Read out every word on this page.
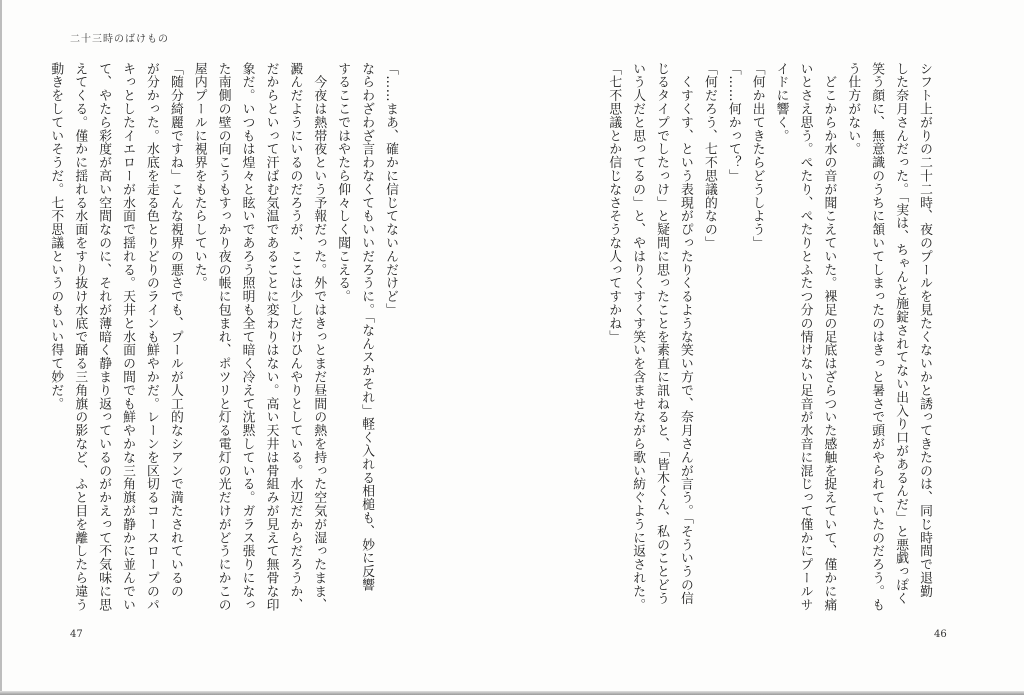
二十三時のばけもの
シフト上がりの二十二時、夜のプールを見たくないかと誘ってきたのは、同じ時間で退勤
した奈月さんだった。「実は、ちゃんと施錠されてない出入り口があるんだ」と悪戯っぽく
笑う顔に、無意識のうちに頷いてしまったのはきっと暑さで頭がやられていたのだろう。も
う仕方がない。
　どこからか水の音が聞こえていた。裸足の足底はざらついた感触を捉えていて、僅かに痛
いとさえ思う。ぺたり、ぺたりとふたつ分の情けない足音が水音に混じって僅かにプールサ
イドに響く。
「何か出てきたらどうしよう」
「……何かって？」
「何だろう、七不思議的なの」
　くすくす、という表現がぴったりくるような笑い方で、奈月さんが言う。「そういうの信
じるタイプでしたっけ」と疑問に思ったことを素直に訊ねると、「皆木くん、私のことどう
いう人だと思ってるの」と、やはりくすくす笑いを含ませながら歌い紡ぐように返された。
「七不思議とか信じなさそうな人ってすかね」
「……まあ、確かに信じてないんだけど」
ならわざわざ言わなくてもいいだろうに。「なんスかそれ」軽く入れる相槌も、妙に反響
するここではやたら仰々しく聞こえる。
　今夜は熱帯夜という予報だった。外ではきっとまだ昼間の熱を持った空気が湿ったまま、
澱んだようにいるのだろうが、ここは少しだけひんやりとしている。水辺だからだろうか、
だからといって汗ばむ気温であることに変わりはない。高い天井は骨組みが見えて無骨な印
象だ。いつもは煌々と眩いであろう照明も全て暗く冷えて沈黙している。ガラス張りになっ
た南側の壁の向こうもすっかり夜の帳に包まれ、ポツリと灯る電灯の光だけがどうにかこの
屋内プールに視界をもたらしていた。
「随分綺麗ですね」こんな視界の悪さでも、プールが人工的なシアンで満たされているの
が分かった。水底を走る色とりどりのラインも鮮やかだ。レーンを区切るコースロープのパ
キっとしたイエローが水面で揺れる。天井と水面の間でも鮮やかな三角旗が静かに並んでい
て、やたら彩度が高い空間なのに、それが薄暗く静まり返っているのがかえって不気味に思
えてくる。僅かに揺れる水面をすり抜け水底で踊る三角旗の影など、ふと目を離したら違う
動きをしていそうだ。七不思議というのもいい得て妙だ。
47	46
